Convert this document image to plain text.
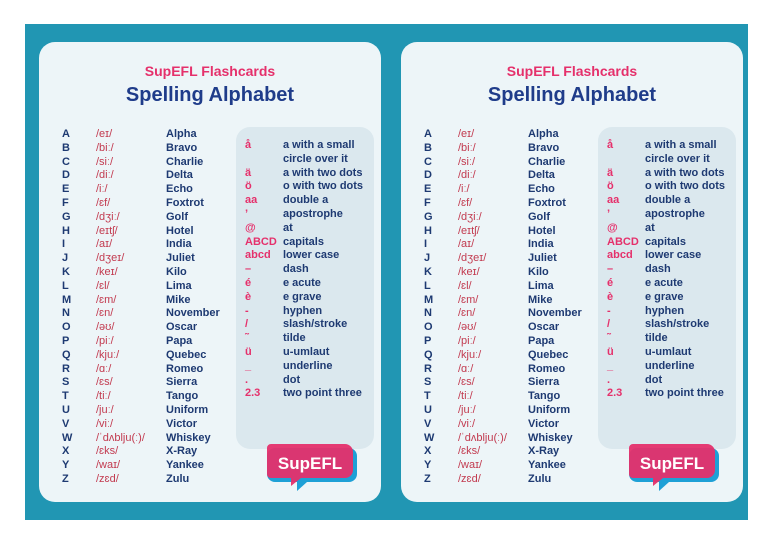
SupEFL Flashcards
Spelling Alphabet
A /eɪ/	Alpha
B /biː/	Bravo
C /siː/	Charlie
D /diː/	Delta
E /iː/	Echo
F /ɛf/	Foxtrot
G /dʒiː/	Golf
H /eɪtʃ/	Hotel
I	/aɪ/	India
J	/dʒeɪ/	Juliet
K /keɪ/	Kilo
L /ɛl/	Lima
M /ɛm/	Mike
N /ɛn/	November
O /əʊ/	Oscar
P /piː/	Papa
Q /kjuː/	Quebec
R /ɑː/	Romeo
S /ɛs/	Sierra
T /tiː/	Tango
U /juː/	Uniform
V /viː/	Victor
W /ˈdʌblju(ː)/ Whiskey
X /ɛks/	X-Ray
Y /waɪ/	Yankee
Z /zɛd/	Zulu
å	a with a small
circle over it
ä	a with two dots
ö	o with two dots
aa double a
’	apostrophe
@ at
ABCD capitals
abcd lower case
–	dash
é	e acute
è	e grave
-	hyphen
/	slash/stroke
˜	tilde
ü	u-umlaut
_	underline
.	dot
2.3 two point three
SupEFL
SupEFL Flashcards
Spelling Alphabet
A /eɪ/	Alpha
B /biː/	Bravo
C /siː/	Charlie
D /diː/	Delta
E /iː/	Echo
F /ɛf/	Foxtrot
G /dʒiː/	Golf
H /eɪtʃ/	Hotel
I	/aɪ/	India
J	/dʒeɪ/	Juliet
K /keɪ/	Kilo
L /ɛl/	Lima
M /ɛm/	Mike
N /ɛn/	November
O /əʊ/	Oscar
P /piː/	Papa
Q /kjuː/	Quebec
R /ɑː/	Romeo
S /ɛs/	Sierra
T /tiː/	Tango
U /juː/	Uniform
V /viː/	Victor
W /ˈdʌblju(ː)/ Whiskey
X /ɛks/	X-Ray
Y /waɪ/	Yankee
Z /zɛd/	Zulu
å	a with a small
circle over it
ä	a with two dots
ö	o with two dots
aa double a
’	apostrophe
@ at
ABCD capitals
abcd lower case
–	dash
é	e acute
è	e grave
-	hyphen
/	slash/stroke
˜	tilde
ü	u-umlaut
_	underline
.	dot
2.3 two point three
SupEFL
